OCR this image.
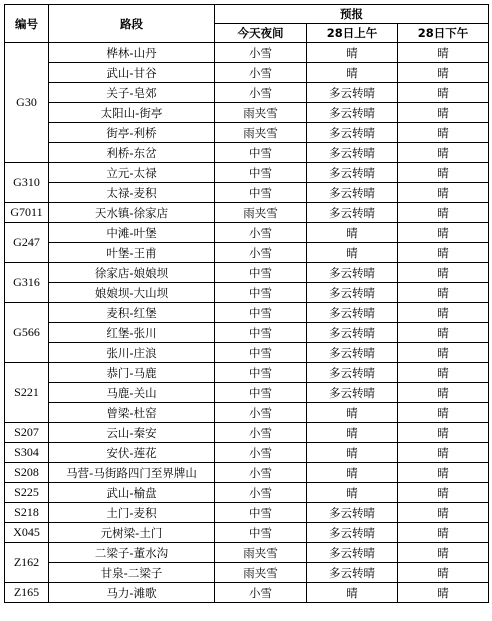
编号	路段	预报		
		今天夜间	28日上午	28日下午
G30	桦林-山丹	小雪	晴	晴
	武山-甘谷	小雪	晴	晴
	关子-皂郊	小雪	多云转晴	晴
	太阳山-街亭	雨夹雪	多云转晴	晴
	街亭-利桥	雨夹雪	多云转晴	晴
	利桥-东岔	中雪	多云转晴	晴
G310	立元-太禄	中雪	多云转晴	晴
	太禄-麦积	中雪	多云转晴	晴
G7011	天水镇-徐家店	雨夹雪	多云转晴	晴
G247	中滩-叶堡	小雪	晴	晴
	叶堡-王甫	小雪	晴	晴
G316	徐家店-娘娘坝	中雪	多云转晴	晴
	娘娘坝-大山坝	中雪	多云转晴	晴
G566	麦积-红堡	中雪	多云转晴	晴
	红堡-张川	中雪	多云转晴	晴
	张川-庄浪	中雪	多云转晴	晴
S221	恭门-马鹿	中雪	多云转晴	晴
	马鹿-关山	中雪	多云转晴	晴
	曾梁-杜窑	小雪	晴	晴
S207	云山-秦安	小雪	晴	晴
S304	安伏-莲花	小雪	晴	晴
S208	马营-马街路四门至界牌山	小雪	晴	晴
S225	武山-榆盘	小雪	晴	晴
S218	土门-麦积	中雪	多云转晴	晴
X045	元树梁-土门	中雪	多云转晴	晴
Z162	二梁子-董水沟	雨夹雪	多云转晴	晴
	甘泉-二梁子	雨夹雪	多云转晴	晴
Z165	马力-滩歌	小雪	晴	晴
